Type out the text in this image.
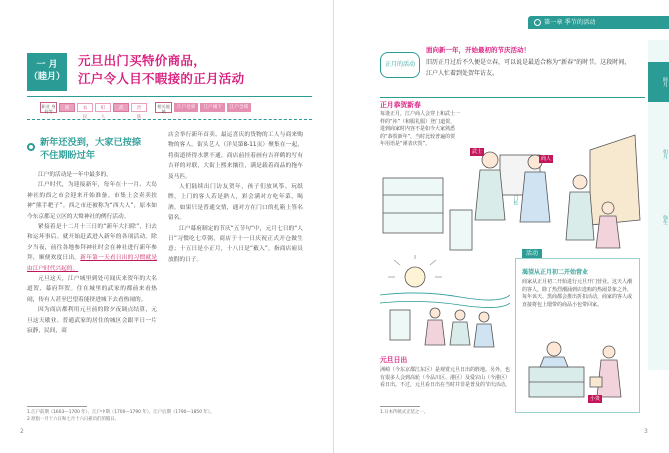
一 月
（睦月）
元旦出门买特价商品，
江户令人目不暇接的正月活动
职业 身份等
商人
农民
町人
武士
贵族
相关地域
江户近郊	江户城下	江户全域
新年还没到，大家已按捺不住期盼过年

江户的活动是一年中最多的。

江户时代，为迎接新年，每年在十一月、大岛神社的酉之市会迎来开始准备。市集上会卖卖扶神“熊手耙子”。西之市还被称为“西大人”，原本如今东京都足立区的大鹫神社的例行活动。

紧接着是十二月十三日的“新年大扫除”，扫去和运坏事后。就开始赶武进入新年的各项活动。除夕当夜，前往各地参拜神社时会在神社进行新年参拜，顺便欢度日出。新年第一天看日出的习惯就是由江户时代兴起的。

元旦这天，江户城里到处可闻庆来贺年的大名道贺、幕府拜贺。住在城里的武家的都前来看热闹，传有人甚至巴望着能挤进城下去看热闹的。

因为商店都利用元旦前的除夕夜调点结算，元旦这天歇业。普通武家的居住的城区会跟平日一片寂静，民间，商

店会举行新年首卖、最运喜庆的货物的工人与商来购物的客人。街头艺人（洋吴第8-11页）聚集在一起，将街道挤得水泄不通。商店前挂着画有吉祥鹤的写有吉祥的对联，大街上熙来攘往，满是载着商品的拖车及马匹。

人们陆续出门访友贺年，孩子们放风筝、玩纸牌，上门的客人若是熟人，彩会满对方吃年菜、喝酒。如果只是普通交情，通对方在门口的扎箱上签名留名。

江户幕府制定的节庆“五节句”中，元月七日的“人日”习惯吃七草粥，商店于十一日庆祝正式开仓做生意；十五日是小正月，十八日是“薮入”，指商店雇员放假的日子。

1.江户前期（1603—1700 年）、江户中期（1700—1790 年）、江户后期（1790—1850 年）。
2.原指一月十六日和七月十六日雇员们的假日。
2
第一章 季节的活动
睦月
如月
弥生
正月的活动
面向新一年，开始最初的节庆活动！
旧历正月过后不久便是立春，可以说是最适合称为“新春”的时节。这段时间，江户人忙着到处贺年访友。
正月恭贺新春
每逢正月，江户商人会穿上和武士一样的“裃”（和服礼服）登门道贺，进到商家时内容不是如今大家熟悉的“恭贺新年”，当时比较普遍的贺年用语是“谨表庆贺”。
武士
商人
门松
元旦日出
洲崎（今东京都江东区）是观赏元旦日出的胜地。另外，也有很多人会到高轮（今品川区、港区）及爱宕山（今港区）看日出。不过，元旦看日出在当时并非是普及的节庆活动。
活动
渴望从正月初二开始营业
商家从正月初二开始进行元旦开门营业。这天人潮的客人，除了热烈潮涌到店选购的热闹景象之外，每年该天、黑商都会推出折扣活动，商家的客人或直接将包上缎带的商品小包带回家。
小贵
1.日本传统式正装之一。
3
